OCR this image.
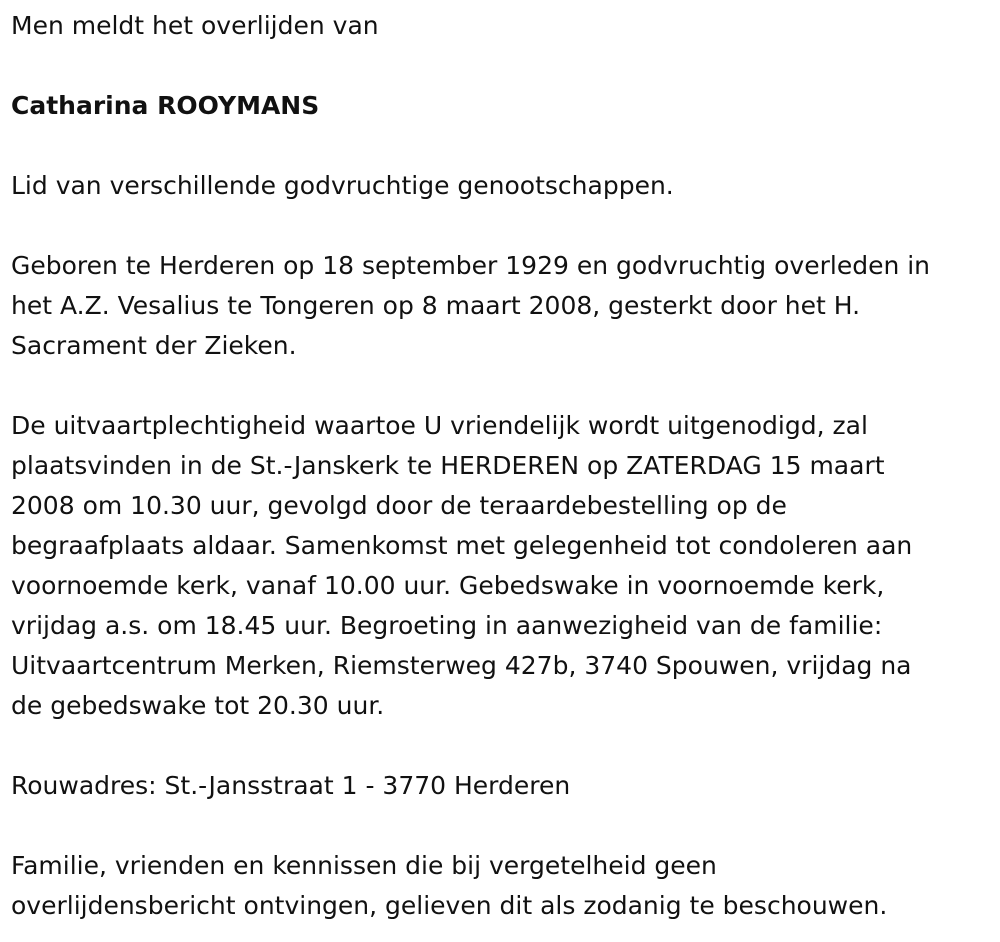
Men meldt het overlijden van

Catharina ROOYMANS

Lid van verschillende godvruchtige genootschappen.

Geboren te Herderen op 18 september 1929 en godvruchtig overleden in
het A.Z. Vesalius te Tongeren op 8 maart 2008, gesterkt door het H.
Sacrament der Zieken.

De uitvaartplechtigheid waartoe U vriendelijk wordt uitgenodigd, zal
plaatsvinden in de St.-Janskerk te HERDEREN op ZATERDAG 15 maart
2008 om 10.30 uur, gevolgd door de teraardebestelling op de
begraafplaats aldaar. Samenkomst met gelegenheid tot condoleren aan
voornoemde kerk, vanaf 10.00 uur. Gebedswake in voornoemde kerk,
vrijdag a.s. om 18.45 uur. Begroeting in aanwezigheid van de familie:
Uitvaartcentrum Merken, Riemsterweg 427b, 3740 Spouwen, vrijdag na
de gebedswake tot 20.30 uur.

Rouwadres: St.-Jansstraat 1 - 3770 Herderen

Familie, vrienden en kennissen die bij vergetelheid geen
overlijdensbericht ontvingen, gelieven dit als zodanig te beschouwen.
